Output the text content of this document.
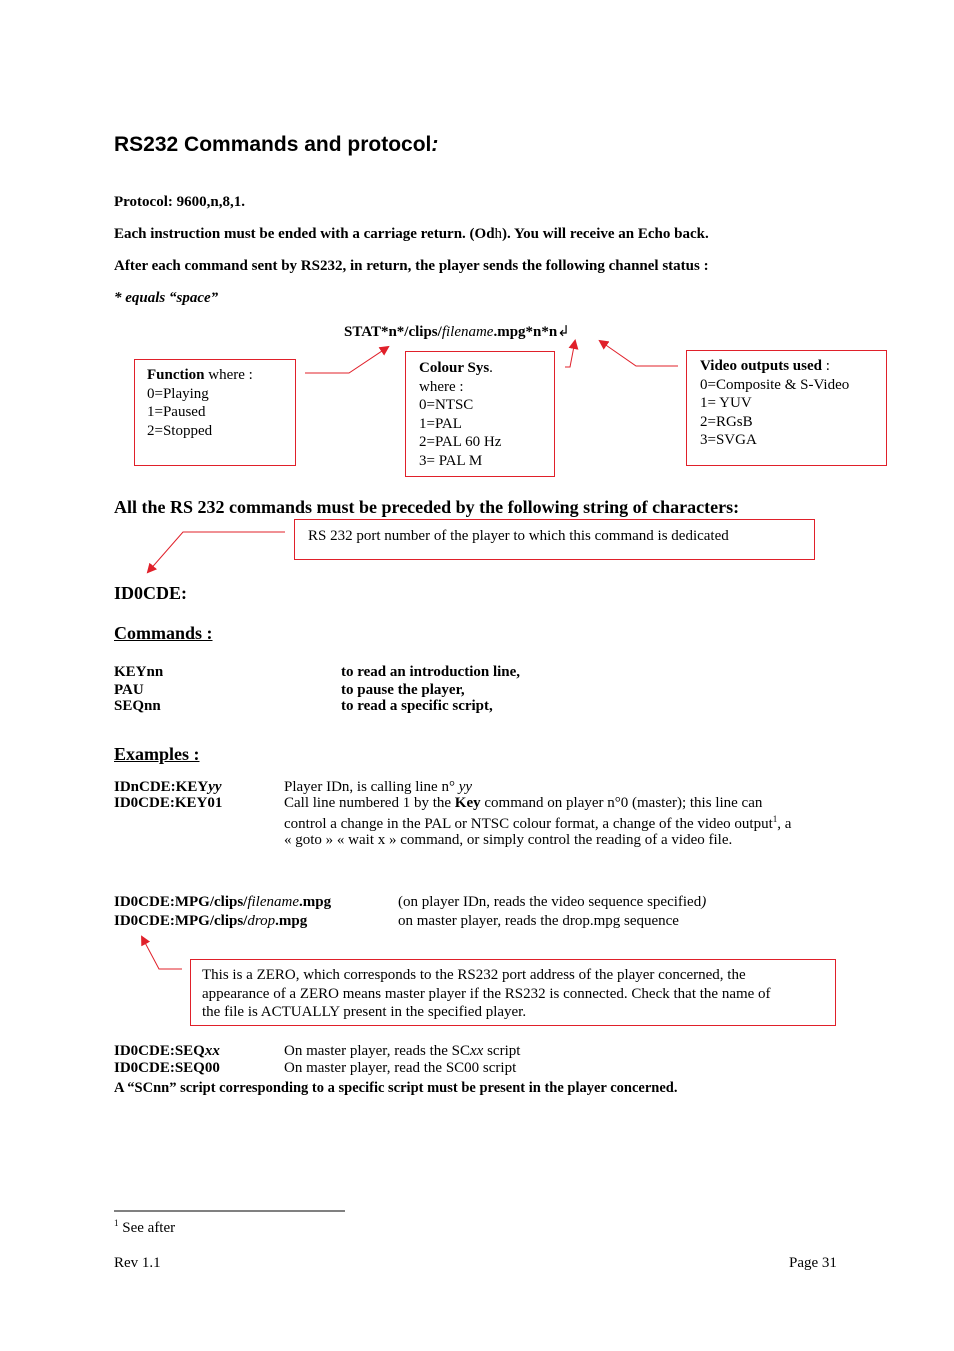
RS232 Commands and protocol:
Protocol: 9600,n,8,1.
Each instruction must be ended with a carriage return. (Odh). You will receive an Echo back.
After each command sent by RS232, in return, the player sends the following channel status :
* equals “space”
STAT*n*/clips/filename.mpg*n*n↲
Function where :
0=Playing
1=Paused
2=Stopped
Colour Sys.
where :
0=NTSC
1=PAL
2=PAL 60 Hz
3= PAL M
Video outputs used :
0=Composite & S-Video
1= YUV
2=RGsB
3=SVGA
All the RS 232 commands must be preceded by the following string of characters:
RS 232 port number of the player to which this command is dedicated
ID0CDE:
Commands :
KEYnn	to read an introduction line,
PAU	to pause the player,
SEQnn	to read a specific script,
Examples :
IDnCDE:KEYyy	Player IDn, is calling line n° yy
ID0CDE:KEY01	Call line numbered 1 by the Key command on player n°0 (master); this line can
control a change in the PAL or NTSC colour format, a change of the video output$^1$, a
« goto » « wait x » command, or simply control the reading of a video file.
ID0CDE:MPG/clips/filename.mpg	(on player IDn, reads the video sequence specified)
ID0CDE:MPG/clips/drop.mpg	on master player, reads the drop.mpg sequence
This is a ZERO, which corresponds to the RS232 port address of the player concerned, the
appearance of a ZERO means master player if the RS232 is connected. Check that the name of
the file is ACTUALLY present in the specified player.
ID0CDE:SEQxx	On master player, reads the SCxx script
ID0CDE:SEQ00	On master player, read the SC00 script
A “SCnn” script corresponding to a specific script must be present in the player concerned.
$^1$ See after
Rev 1.1	Page 31
